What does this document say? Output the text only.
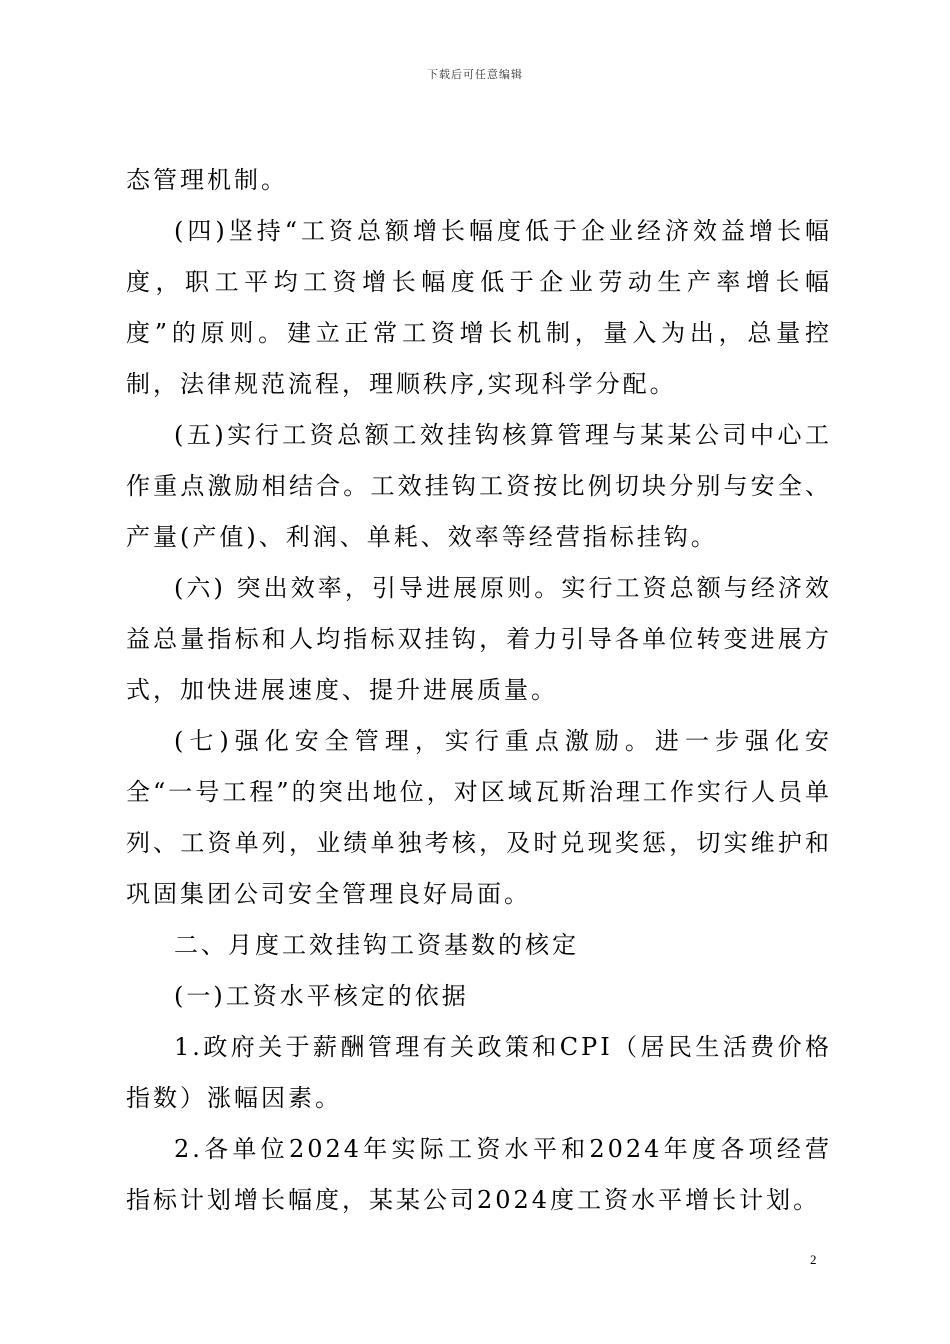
下载后可任意编辑

态管理机制。

(四)坚持“工资总额增长幅度低于企业经济效益增长幅度，职工平均工资增长幅度低于企业劳动生产率增长幅度”的原则。建立正常工资增长机制，量入为出，总量控制，法律规范流程，理顺秩序,实现科学分配。

(五)实行工资总额工效挂钩核算管理与某某公司中心工作重点激励相结合。工效挂钩工资按比例切块分别与安全、产量(产值)、利润、单耗、效率等经营指标挂钩。

(六) 突出效率，引导进展原则。实行工资总额与经济效益总量指标和人均指标双挂钩，着力引导各单位转变进展方式，加快进展速度、提升进展质量。

(七)强化安全管理，实行重点激励。进一步强化安全“一号工程”的突出地位，对区域瓦斯治理工作实行人员单列、工资单列，业绩单独考核，及时兑现奖惩，切实维护和巩固集团公司安全管理良好局面。

二、月度工效挂钩工资基数的核定

(一)工资水平核定的依据

1.政府关于薪酬管理有关政策和CPI（居民生活费价格指数）涨幅因素。

2.各单位2024年实际工资水平和2024年度各项经营指标计划增长幅度，某某公司2024度工资水平增长计划。

2
